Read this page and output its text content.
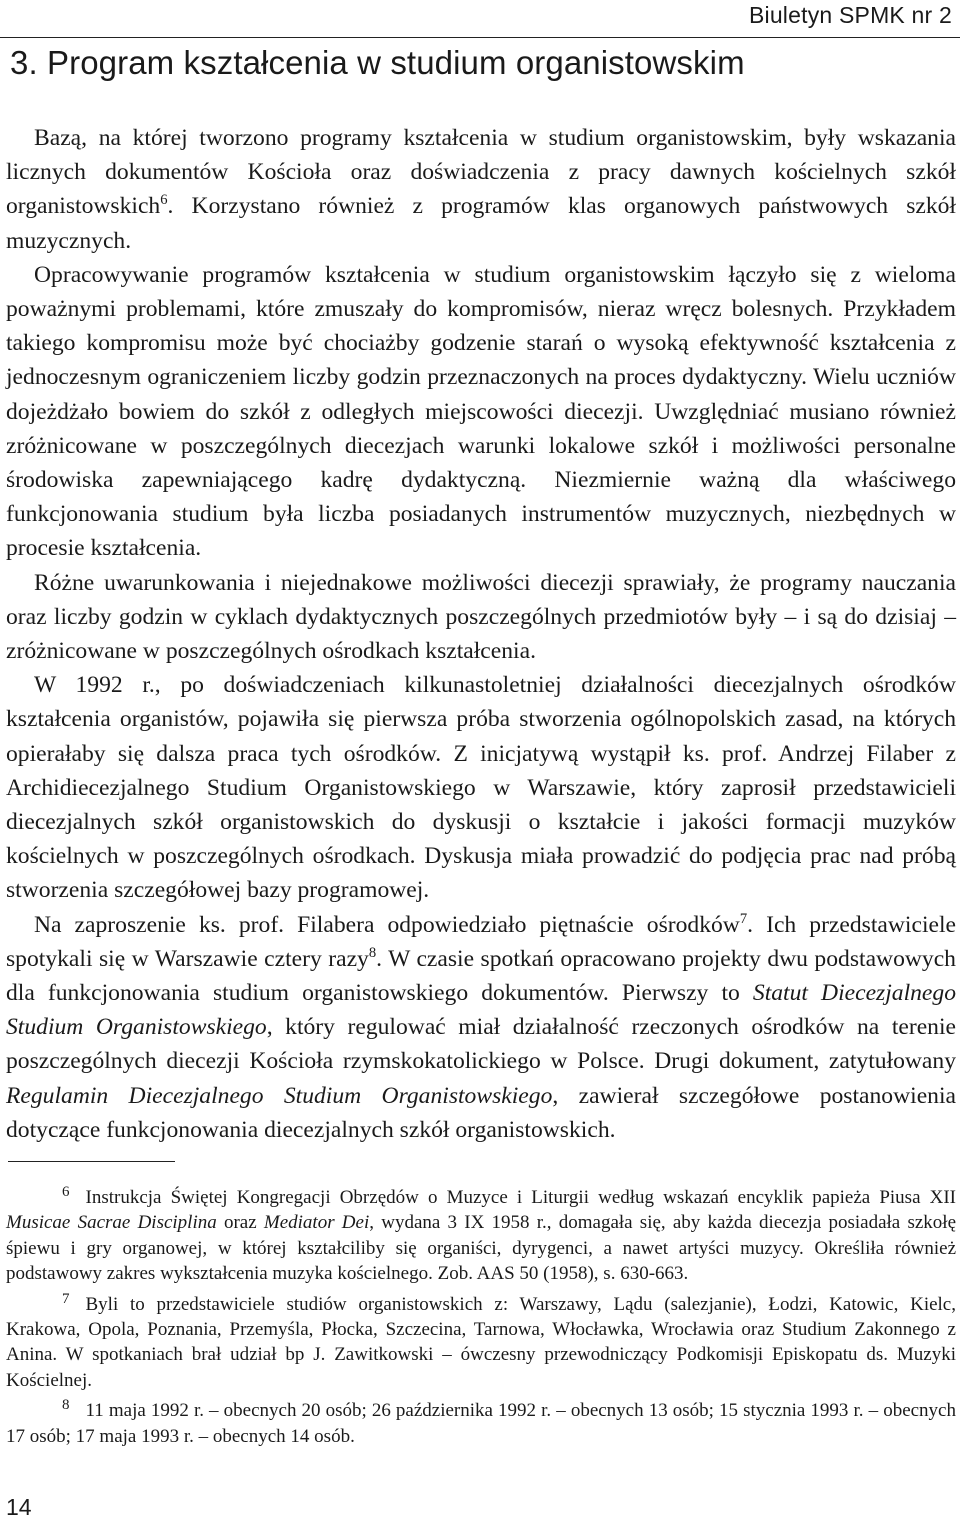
Biuletyn SPMK nr 2
3. Program kształcenia w studium organistowskim

Bazą, na której tworzono programy kształcenia w studium organistowskim, były wskazania licznych dokumentów Kościoła oraz doświadczenia z pracy dawnych kościelnych szkół organistowskich$^6$. Korzystano również z programów klas organowych państwowych szkół muzycznych.

Opracowywanie programów kształcenia w studium organistowskim łączyło się z wieloma poważnymi problemami, które zmuszały do kompromisów, nieraz wręcz bolesnych. Przykładem takiego kompromisu może być chociażby godzenie starań o wysoką efektywność kształcenia z jednoczesnym ograniczeniem liczby godzin przeznaczonych na proces dydaktyczny. Wielu uczniów dojeżdżało bowiem do szkół z odległych miejscowości diecezji. Uwzględniać musiano również zróżnicowane w poszczególnych diecezjach warunki lokalowe szkół i możliwości personalne środowiska zapewniającego kadrę dydaktyczną. Niezmiernie ważną dla właściwego funkcjonowania studium była liczba posiadanych instrumentów muzycznych, niezbędnych w procesie kształcenia.

Różne uwarunkowania i niejednakowe możliwości diecezji sprawiały, że programy nauczania oraz liczby godzin w cyklach dydaktycznych poszczególnych przedmiotów były – i są do dzisiaj – zróżnicowane w poszczególnych ośrodkach kształcenia.

W 1992 r., po doświadczeniach kilkunastoletniej działalności diecezjalnych ośrodków kształcenia organistów, pojawiła się pierwsza próba stworzenia ogólnopolskich zasad, na których opierałaby się dalsza praca tych ośrodków. Z inicjatywą wystąpił ks. prof. Andrzej Filaber z Archidiecezjalnego Studium Organistowskiego w Warszawie, który zaprosił przedstawicieli diecezjalnych szkół organistowskich do dyskusji o kształcie i jakości formacji muzyków kościelnych w poszczególnych ośrodkach. Dyskusja miała prowadzić do podjęcia prac nad próbą stworzenia szczegółowej bazy programowej.

Na zaproszenie ks. prof. Filabera odpowiedziało piętnaście ośrodków$^7$. Ich przedstawiciele spotykali się w Warszawie cztery razy$^8$. W czasie spotkań opracowano projekty dwu podstawowych dla funkcjonowania studium organistowskiego dokumentów. Pierwszy to Statut Diecezjalnego Studium Organistowskiego, który regulować miał działalność rzeczonych ośrodków na terenie poszczególnych diecezji Kościoła rzymskokatolickiego w Polsce. Drugi dokument, zatytułowany Regulamin Diecezjalnego Studium Organistowskiego, zawierał szczegółowe postanowienia dotyczące funkcjonowania diecezjalnych szkół organistowskich.

6 Instrukcja Świętej Kongregacji Obrzędów o Muzyce i Liturgii według wskazań encyklik papieża Piusa XII Musicae Sacrae Disciplina oraz Mediator Dei, wydana 3 IX 1958 r., domagała się, aby każda diecezja posiadała szkołę śpiewu i gry organowej, w której kształciliby się organiści, dyrygenci, a nawet artyści muzycy. Określiła również podstawowy zakres wykształcenia muzyka kościelnego. Zob. AAS 50 (1958), s. 630-663.

7 Byli to przedstawiciele studiów organistowskich z: Warszawy, Lądu (salezjanie), Łodzi, Katowic, Kielc, Krakowa, Opola, Poznania, Przemyśla, Płocka, Szczecina, Tarnowa, Włocławka, Wrocławia oraz Studium Zakonnego z Anina. W spotkaniach brał udział bp J. Zawitkowski – ówczesny przewodniczący Podkomisji Episkopatu ds. Muzyki Kościelnej.

8 11 maja 1992 r. – obecnych 20 osób; 26 października 1992 r. – obecnych 13 osób; 15 stycznia 1993 r. – obecnych 17 osób; 17 maja 1993 r. – obecnych 14 osób.

14
